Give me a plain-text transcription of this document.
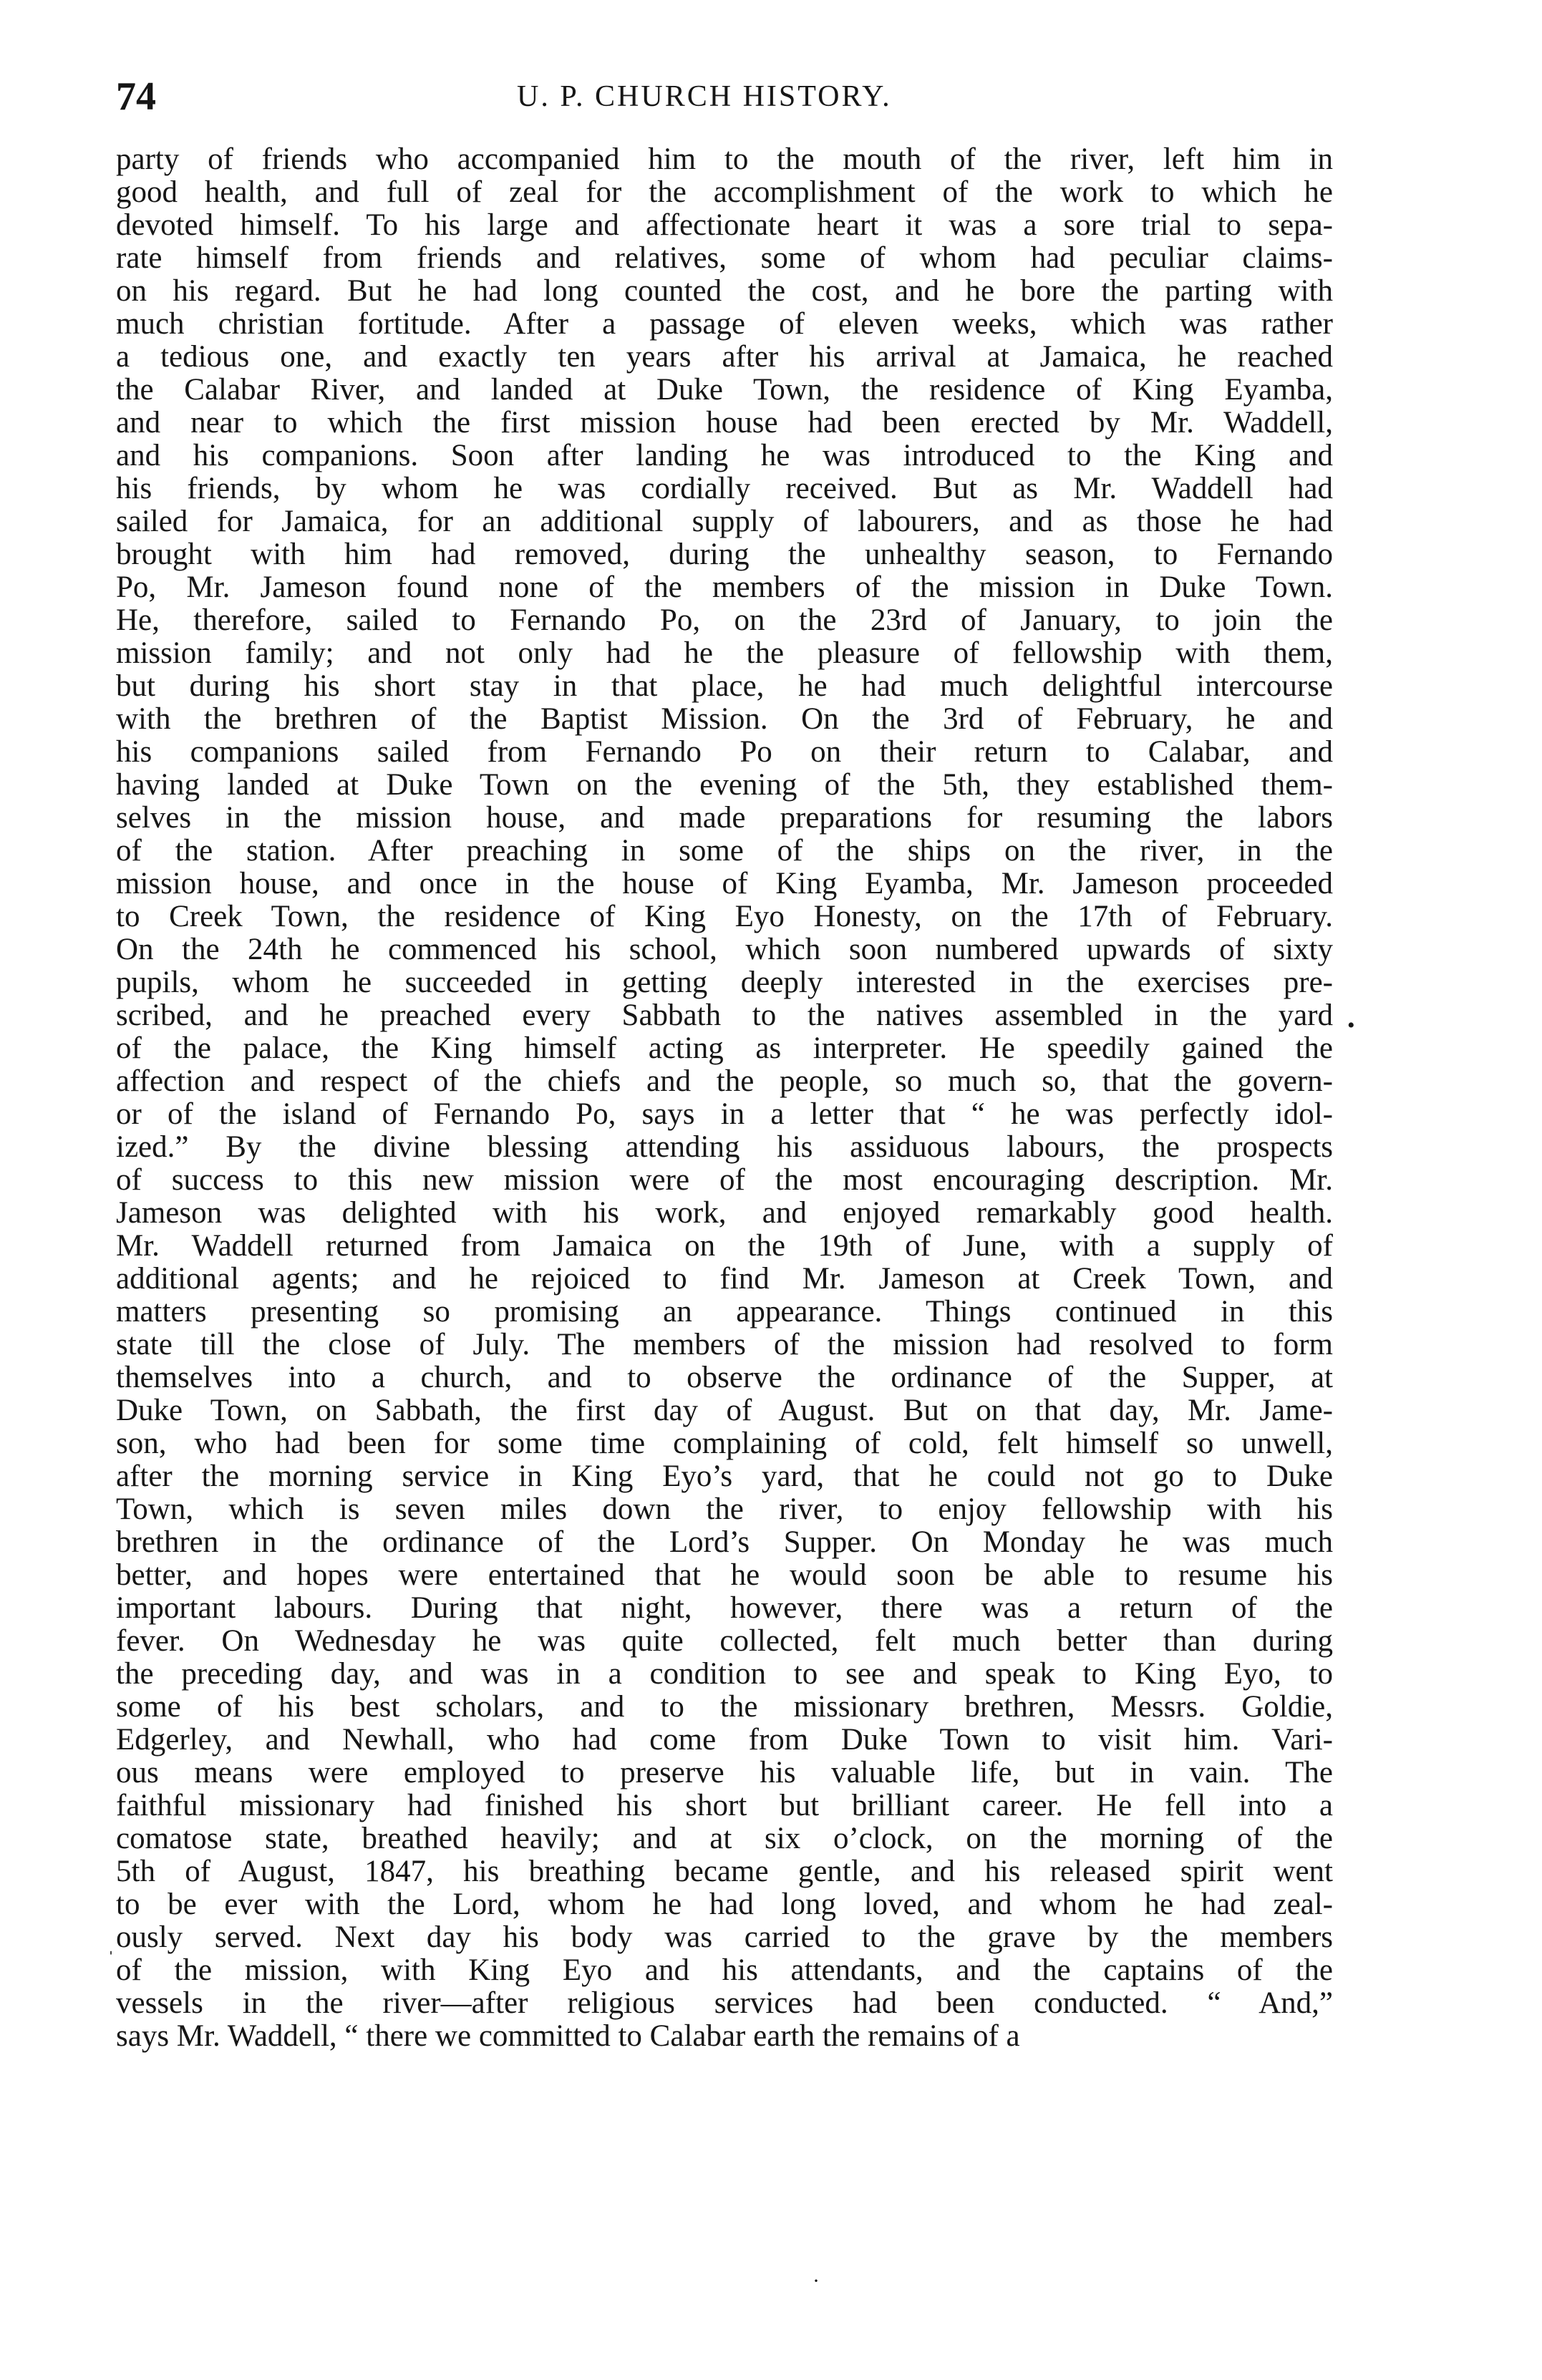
74	U. P. CHURCH HISTORY.
party of friends who accompanied him to the mouth of the river, left him in
good health, and full of zeal for the accomplishment of the work to which he
devoted himself. To his large and affectionate heart it was a sore trial to sepa-
rate himself from friends and relatives, some of whom had peculiar claims-
on his regard. But he had long counted the cost, and he bore the parting with
much christian fortitude. After a passage of eleven weeks, which was rather
a tedious one, and exactly ten years after his arrival at Jamaica, he reached
the Calabar River, and landed at Duke Town, the residence of King Eyamba,
and near to which the first mission house had been erected by Mr. Waddell,
and his companions. Soon after landing he was introduced to the King and
his friends, by whom he was cordially received. But as Mr. Waddell had
sailed for Jamaica, for an additional supply of labourers, and as those he had
brought with him had removed, during the unhealthy season, to Fernando
Po, Mr. Jameson found none of the members of the mission in Duke Town.
He, therefore, sailed to Fernando Po, on the 23rd of January, to join the
mission family; and not only had he the pleasure of fellowship with them,
but during his short stay in that place, he had much delightful intercourse
with the brethren of the Baptist Mission. On the 3rd of February, he and
his companions sailed from Fernando Po on their return to Calabar, and
having landed at Duke Town on the evening of the 5th, they established them-
selves in the mission house, and made preparations for resuming the labors
of the station. After preaching in some of the ships on the river, in the
mission house, and once in the house of King Eyamba, Mr. Jameson proceeded
to Creek Town, the residence of King Eyo Honesty, on the 17th of February.
On the 24th he commenced his school, which soon numbered upwards of sixty
pupils, whom he succeeded in getting deeply interested in the exercises pre-
scribed, and he preached every Sabbath to the natives assembled in the yard
of the palace, the King himself acting as interpreter. He speedily gained the
affection and respect of the chiefs and the people, so much so, that the govern-
or of the island of Fernando Po, says in a letter that “ he was perfectly idol-
ized.” By the divine blessing attending his assiduous labours, the prospects
of success to this new mission were of the most encouraging description. Mr.
Jameson was delighted with his work, and enjoyed remarkably good health.
Mr. Waddell returned from Jamaica on the 19th of June, with a supply of
additional agents; and he rejoiced to find Mr. Jameson at Creek Town, and
matters presenting so promising an appearance. Things continued in this
state till the close of July. The members of the mission had resolved to form
themselves into a church, and to observe the ordinance of the Supper, at
Duke Town, on Sabbath, the first day of August. But on that day, Mr. Jame-
son, who had been for some time complaining of cold, felt himself so unwell,
after the morning service in King Eyo’s yard, that he could not go to Duke
Town, which is seven miles down the river, to enjoy fellowship with his
brethren in the ordinance of the Lord’s Supper. On Monday he was much
better, and hopes were entertained that he would soon be able to resume his
important labours. During that night, however, there was a return of the
fever. On Wednesday he was quite collected, felt much better than during
the preceding day, and was in a condition to see and speak to King Eyo, to
some of his best scholars, and to the missionary brethren, Messrs. Goldie,
Edgerley, and Newhall, who had come from Duke Town to visit him. Vari-
ous means were employed to preserve his valuable life, but in vain. The
faithful missionary had finished his short but brilliant career. He fell into a
comatose state, breathed heavily; and at six o’clock, on the morning of the
5th of August, 1847, his breathing became gentle, and his released spirit went
to be ever with the Lord, whom he had long loved, and whom he had zeal-
ously served. Next day his body was carried to the grave by the members
of the mission, with King Eyo and his attendants, and the captains of the
vessels in the river—after religious services had been conducted. “ And,”
says Mr. Waddell, “ there we committed to Calabar earth the remains of a
•
ˌ
·
